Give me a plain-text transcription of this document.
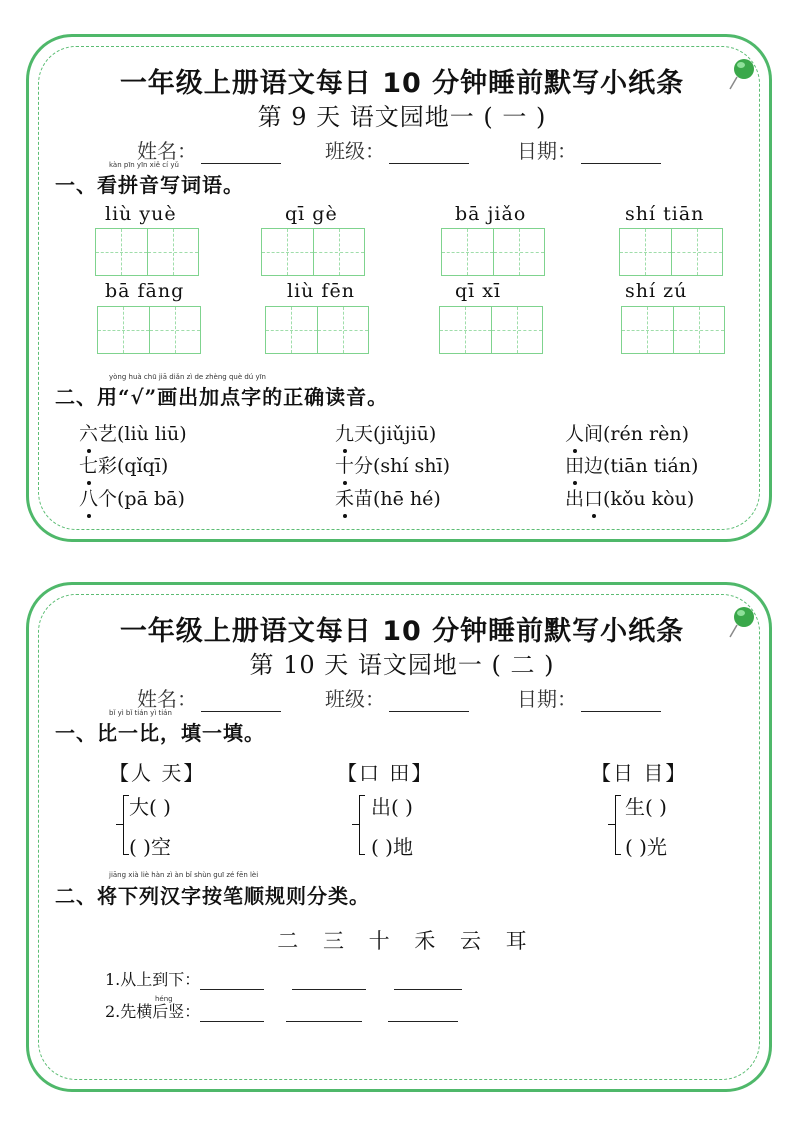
一年级上册语文每日 10 分钟睡前默写小纸条
第 9 天 语文园地一 ( 一 )
姓名：	班级：	日期：
kàn pīn yīn xiě cí yǔ
一、看拼音写词语。
liù yuè	qī gè	bā jiǎo	shí tiān
bā fāng	liù fēn	qī xī	shí zú
yòng huà chū jiā diǎn zì de zhèng què dú yīn
二、用“√”画出加点字的正确读音。
六艺(liù liū)	九天(jiǔjiū)	人间(rén rèn)
七彩(qǐqī)	十分(shí shī)	田边(tiān tián)
八个(pā bā)	禾苗(hē hé)	出口(kǒu kòu)
一年级上册语文每日 10 分钟睡前默写小纸条
第 10 天 语文园地一 ( 二 )
姓名：	班级：	日期：
bǐ yì bǐ tián yì tián
一、比一比，填一填。
【人 天】
大( )
( )空
【口 田】
出( )
( )地
【日 目】
生( )
( )光
jiāng xià liè hàn zì àn bǐ shùn guī zé fēn lèi
二、将下列汉字按笔顺规则分类。
二 三 十 禾 云 耳
1.从上到下：
héng
2.先横后竖：
